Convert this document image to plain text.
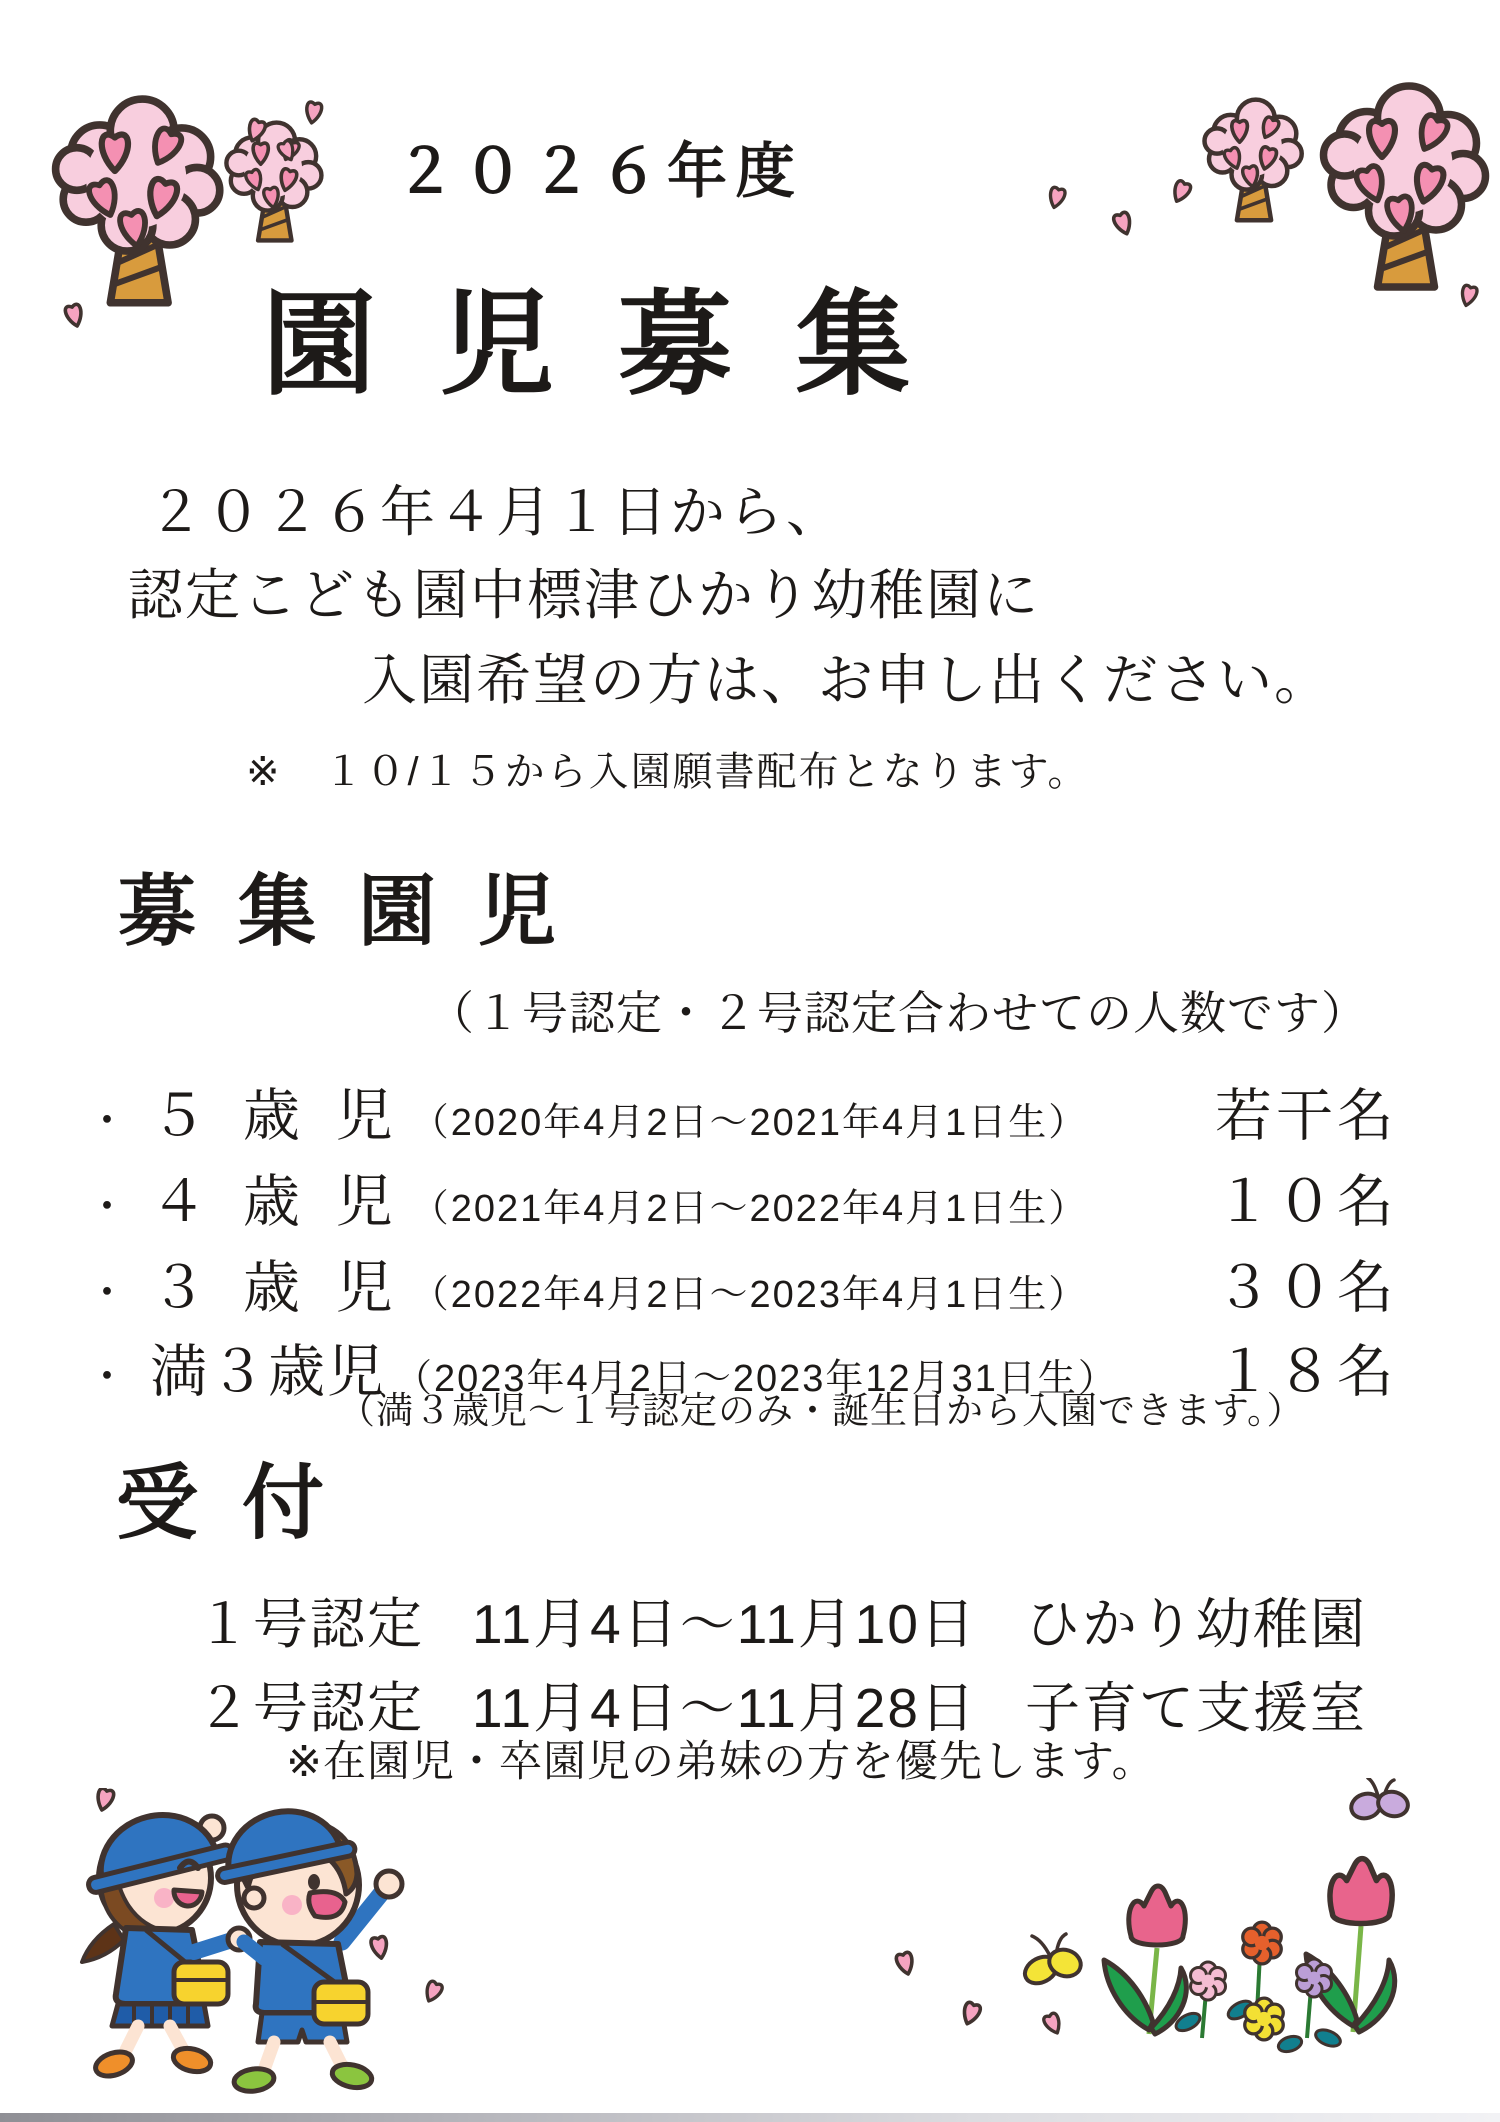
２０２６年度
園児募集
２０２６年４月１日から、
認定こども園中標津ひかり幼稚園に
入園希望の方は、お申し出ください。
※　１０/１５から入園願書配布となります。
募集園児
（１号認定・２号認定合わせての人数です）
・ ５ 歳 児 （2020年4月2日～2021年4月1日生） 若干名
・ ４ 歳 児 （2021年4月2日～2022年4月1日生） １０名
・ ３ 歳 児 （2022年4月2日～2023年4月1日生） ３０名
・ 満３歳児 （2023年4月2日～2023年12月31日生） １８名
（満３歳児～１号認定のみ・誕生日から入園できます。）
受付
１号認定 11月4日～11月10日 ひかり幼稚園
２号認定 11月4日～11月28日 子育て支援室
※在園児・卒園児の弟妹の方を優先します。
